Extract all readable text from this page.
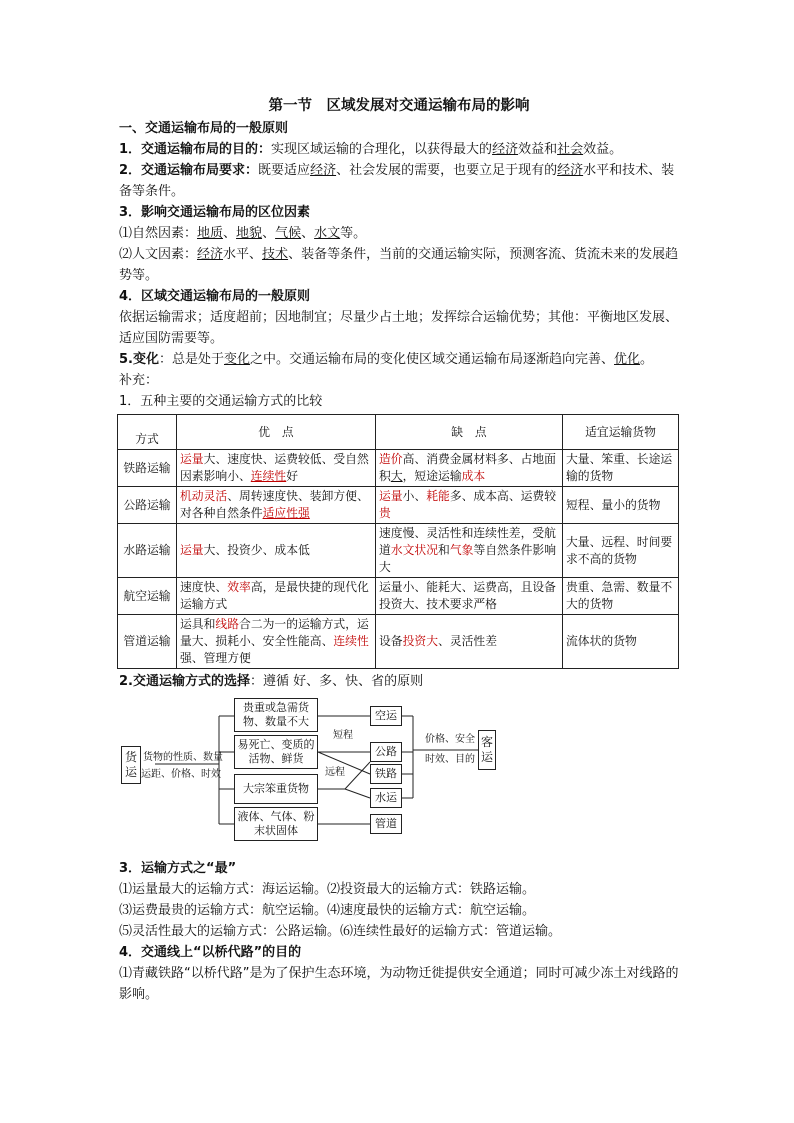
第一节　区域发展对交通运输布局的影响

一、交通运输布局的一般原则

1．交通运输布局的目的：实现区域运输的合理化，以获得最大的经济效益和社会效益。

2．交通运输布局要求：既要适应经济、社会发展的需要，也要立足于现有的经济水平和技术、装备等条件。

3．影响交通运输布局的区位因素

⑴自然因素：地质、地貌、气候、水文等。

⑵人文因素：经济水平、技术、装备等条件，当前的交通运输实际，预测客流、货流未来的发展趋势等。

4．区域交通运输布局的一般原则

依据运输需求；适度超前；因地制宜；尽量少占土地；发挥综合运输优势；其他：平衡地区发展、适应国防需要等。

5.变化：总是处于变化之中。交通运输布局的变化使区域交通运输布局逐渐趋向完善、优化。

补充：

1．五种主要的交通运输方式的比较

方式	优　点	缺　点	适宜运输货物
铁路运输	运量大、速度快、运费较低、受自然因素影响小、连续性好	造价高、消费金属材料多、占地面积大，短途运输成本	大量、笨重、长途运输的货物
公路运输	机动灵活、周转速度快、装卸方便、对各种自然条件适应性强	运量小、耗能多、成本高、运费较贵	短程、量小的货物
水路运输	运量大、投资少、成本低	速度慢、灵活性和连续性差，受航道水文状况和气象等自然条件影响大	大量、远程、时间要求不高的货物
航空运输	速度快、效率高，是最快捷的现代化运输方式	运量小、能耗大、运费高，且设备投资大、技术要求严格	贵重、急需、数量不大的货物
管道运输	运具和线路合二为一的运输方式，运量大、损耗小、安全性能高、连续性强、管理方便	设备投资大、灵活性差	流体状的货物

2.交通运输方式的选择：遵循 好、多、快、省的原则

货运
货物的性质、数量
运距、价格、时效
贵重或急需货物、数量不大
易死亡、变质的活物、鲜货
大宗笨重货物
液体、气体、粉末状固体
短程
远程
空运
公路
铁路
水运
管道
价格、安全
时效、目的
客运

3．运输方式之“最”

⑴运量最大的运输方式：海运运输。⑵投资最大的运输方式：铁路运输。

⑶运费最贵的运输方式：航空运输。⑷速度最快的运输方式：航空运输。

⑸灵活性最大的运输方式：公路运输。⑹连续性最好的运输方式：管道运输。

4．交通线上“以桥代路”的目的

⑴青藏铁路“以桥代路”是为了保护生态环境，为动物迁徙提供安全通道；同时可减少冻土对线路的影响。
